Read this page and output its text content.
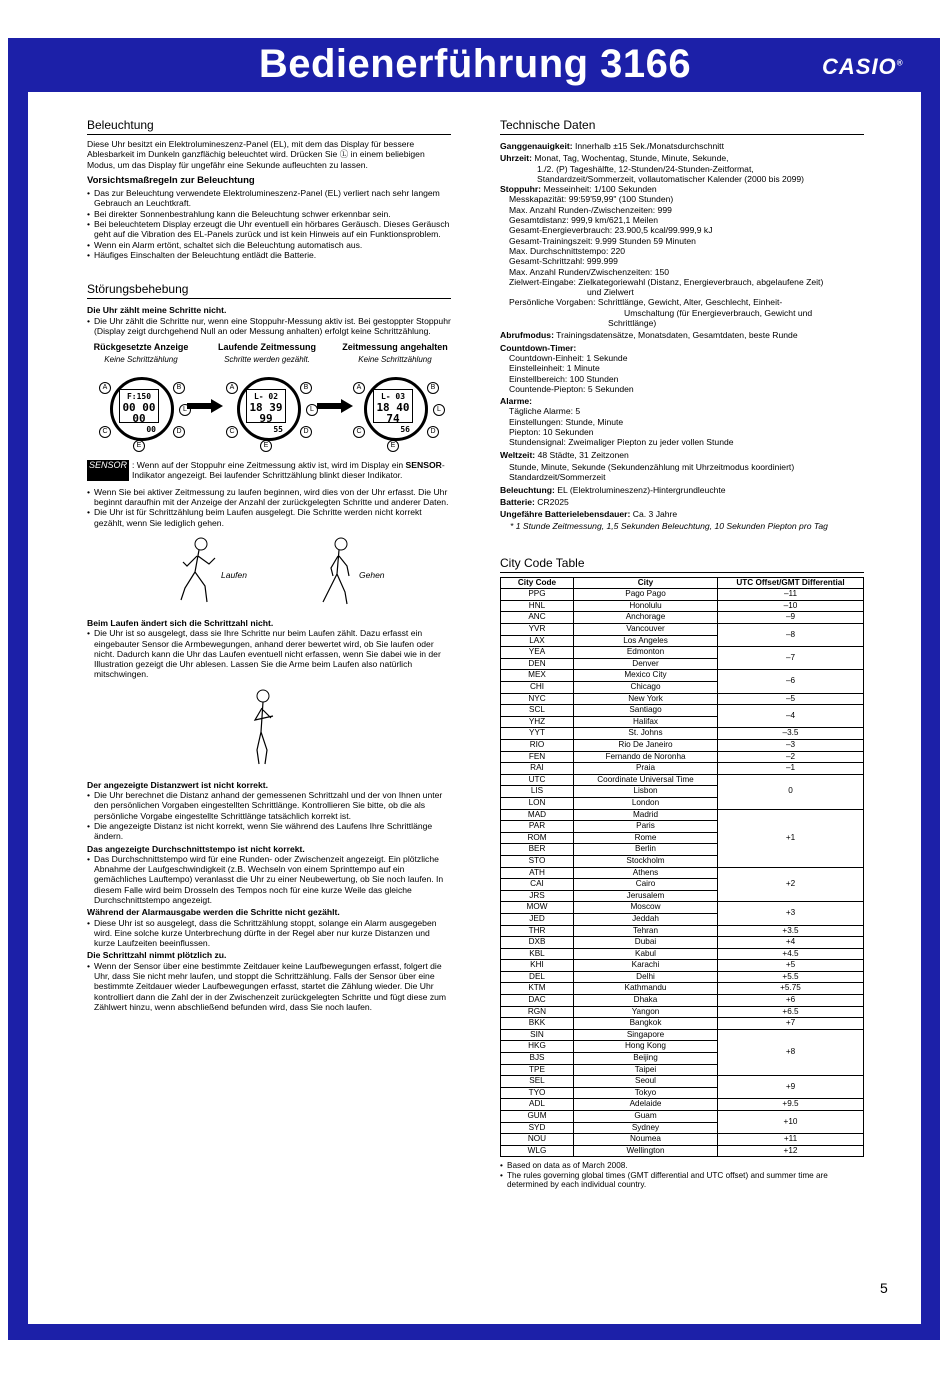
Bedienerführung 3166	CASIO®
Beleuchtung

Diese Uhr besitzt ein Elektrolumineszenz-Panel (EL), mit dem das Display für bessere Ablesbarkeit im Dunkeln ganzflächig beleuchtet wird. Drücken Sie Ⓛ in einem beliebigen Modus, um das Display für ungefähr eine Sekunde aufleuchten zu lassen.

Vorsichtsmaßregeln zur Beleuchtung
• Das zur Beleuchtung verwendete Elektrolumineszenz-Panel (EL) verliert nach sehr langem Gebrauch an Leuchtkraft.
• Bei direkter Sonnenbestrahlung kann die Beleuchtung schwer erkennbar sein.
• Bei beleuchtetem Display erzeugt die Uhr eventuell ein hörbares Geräusch. Dieses Geräusch geht auf die Vibration des EL-Panels zurück und ist kein Hinweis auf ein Funktionsproblem.
• Wenn ein Alarm ertönt, schaltet sich die Beleuchtung automatisch aus.
• Häufiges Einschalten der Beleuchtung entlädt die Batterie.
Störungsbehebung

Die Uhr zählt meine Schritte nicht.

• Die Uhr zählt die Schritte nur, wenn eine Stoppuhr-Messung aktiv ist. Bei gestoppter Stoppuhr (Display zeigt durchgehend Null an oder Messung anhalten) erfolgt keine Schrittzählung.
Rückgesetzte Anzeige
Keine Schrittzählung
F:150
00 00 00
00
A	B
C	D
E
L
Laufende Zeitmessung
Schritte werden gezählt.
L- 02
18 39 99
55
A	B
C	D
E
L
Zeitmessung angehalten
Keine Schrittzählung
L- 03
18 40 74
56
A	B
C	D
E
L
SENSOR : Wenn auf der Stoppuhr eine Zeitmessung aktiv ist, wird im Display ein SENSOR-Indikator angezeigt. Bei laufender Schrittzählung blinkt dieser Indikator.

• Wenn Sie bei aktiver Zeitmessung zu laufen beginnen, wird dies von der Uhr erfasst. Die Uhr beginnt daraufhin mit der Anzeige der Anzahl der zurückgelegten Schritte und anderer Daten.
• Die Uhr ist für Schrittzählung beim Laufen ausgelegt. Die Schritte werden nicht korrekt gezählt, wenn Sie lediglich gehen.
Laufen	Gehen

Beim Laufen ändert sich die Schrittzahl nicht.

• Die Uhr ist so ausgelegt, dass sie Ihre Schritte nur beim Laufen zählt. Dazu erfasst ein eingebauter Sensor die Armbewegungen, anhand derer bewertet wird, ob Sie laufen oder nicht. Dadurch kann die Uhr das Laufen eventuell nicht erfassen, wenn Sie dabei wie in der Illustration gezeigt die Uhr ablesen. Lassen Sie die Arme beim Laufen also natürlich mitschwingen.

Der angezeigte Distanzwert ist nicht korrekt.

• Die Uhr berechnet die Distanz anhand der gemessenen Schrittzahl und der von Ihnen unter den persönlichen Vorgaben eingestellten Schrittlänge. Kontrollieren Sie bitte, ob die als persönliche Vorgabe eingestellte Schrittlänge tatsächlich korrekt ist.
• Die angezeigte Distanz ist nicht korrekt, wenn Sie während des Laufens Ihre Schrittlänge ändern.

Das angezeigte Durchschnittstempo ist nicht korrekt.

• Das Durchschnittstempo wird für eine Runden- oder Zwischenzeit angezeigt. Ein plötzliche Abnahme der Laufgeschwindigkeit (z.B. Wechseln von einem Sprinttempo auf ein gemächliches Lauftempo) veranlasst die Uhr zu einer Neubewertung, ob Sie noch laufen. In diesem Falle wird beim Drosseln des Tempos noch für eine kurze Weile das gleiche Durchschnittstempo angezeigt.

Während der Alarmausgabe werden die Schritte nicht gezählt.

• Diese Uhr ist so ausgelegt, dass die Schrittzählung stoppt, solange ein Alarm ausgegeben wird. Eine solche kurze Unterbrechung dürfte in der Regel aber nur kurze Distanzen und kurze Laufzeiten beeinflussen.

Die Schrittzahl nimmt plötzlich zu.

• Wenn der Sensor über eine bestimmte Zeitdauer keine Laufbewegungen erfasst, folgert die Uhr, dass Sie nicht mehr laufen, und stoppt die Schrittzählung. Falls der Sensor über eine bestimmte Zeitdauer wieder Laufbewegungen erfasst, startet die Zählung wieder. Die Uhr kontrolliert dann die Zahl der in der Zwischenzeit zurückgelegten Schritte und fügt diese zum Zählwert hinzu, wenn abschließend befunden wird, dass Sie noch laufen.
Technische Daten

Ganggenauigkeit: Innerhalb ±15 Sek./Monatsdurchschnitt

Uhrzeit: Monat, Tag, Wochentag, Stunde, Minute, Sekunde,

1./2. (P) Tageshälfte, 12-Stunden/24-Stunden-Zeitformat,

Standardzeit/Sommerzeit, vollautomatischer Kalender (2000 bis 2099)

Stoppuhr: Messeinheit: 1/100 Sekunden

Messkapazität: 99:59'59,99" (100 Stunden)

Max. Anzahl Runden-/Zwischenzeiten: 999

Gesamtdistanz: 999,9 km/621,1 Meilen

Gesamt-Energieverbrauch: 23.900,5 kcal/99.999,9 kJ

Gesamt-Trainingszeit: 9.999 Stunden 59 Minuten

Max. Durchschnittstempo: 220

Gesamt-Schrittzahl: 999.999

Max. Anzahl Runden/Zwischenzeiten: 150

Zielwert-Eingabe: Zielkategoriewahl (Distanz, Energieverbrauch, abgelaufene Zeit)

und Zielwert

Persönliche Vorgaben: Schrittlänge, Gewicht, Alter, Geschlecht, Einheit-

Umschaltung (für Energieverbrauch, Gewicht und

Schrittlänge)

Abrufmodus: Trainingsdatensätze, Monatsdaten, Gesamtdaten, beste Runde

Countdown-Timer:

Countdown-Einheit: 1 Sekunde

Einstelleinheit: 1 Minute

Einstellbereich: 100 Stunden

Countende-Piepton: 5 Sekunden

Alarme:

Tägliche Alarme: 5

Einstellungen: Stunde, Minute

Piepton: 10 Sekunden

Stundensignal: Zweimaliger Piepton zu jeder vollen Stunde

Weltzeit: 48 Städte, 31 Zeitzonen

Stunde, Minute, Sekunde (Sekundenzählung mit Uhrzeitmodus koordiniert)

Standardzeit/Sommerzeit

Beleuchtung: EL (Elektrolumineszenz)-Hintergrundleuchte

Batterie: CR2025

Ungefähre Batterielebensdauer: Ca. 3 Jahre

* 1 Stunde Zeitmessung, 1,5 Sekunden Beleuchtung, 10 Sekunden Piepton pro Tag

City Code Table
City Code	City	UTC Offset/GMT Differential
PPG	Pago Pago	–11
HNL	Honolulu	–10
ANC	Anchorage	–9
YVR	Vancouver	–8
LAX	Los Angeles	
YEA	Edmonton	–7
DEN	Denver	
MEX	Mexico City	–6
CHI	Chicago	
NYC	New York	–5
SCL	Santiago	–4
YHZ	Halifax	
YYT	St. Johns	–3.5
RIO	Rio De Janeiro	–3
FEN	Fernando de Noronha	–2
RAI	Praia	–1
UTC	Coordinate Universal Time	0
LIS	Lisbon	
LON	London	
MAD	Madrid	+1
PAR	Paris	
ROM	Rome	
BER	Berlin	
STO	Stockholm	
ATH	Athens	+2
CAI	Cairo	
JRS	Jerusalem	
MOW	Moscow	+3
JED	Jeddah	
THR	Tehran	+3.5
DXB	Dubai	+4
KBL	Kabul	+4.5
KHI	Karachi	+5
DEL	Delhi	+5.5
KTM	Kathmandu	+5.75
DAC	Dhaka	+6
RGN	Yangon	+6.5
BKK	Bangkok	+7
SIN	Singapore	+8
HKG	Hong Kong	
BJS	Beijing	
TPE	Taipei	
SEL	Seoul	+9
TYO	Tokyo	
ADL	Adelaide	+9.5
GUM	Guam	+10
SYD	Sydney	
NOU	Noumea	+11
WLG	Wellington	+12
• Based on data as of March 2008.
• The rules governing global times (GMT differential and UTC offset) and summer time are determined by each individual country.
5
